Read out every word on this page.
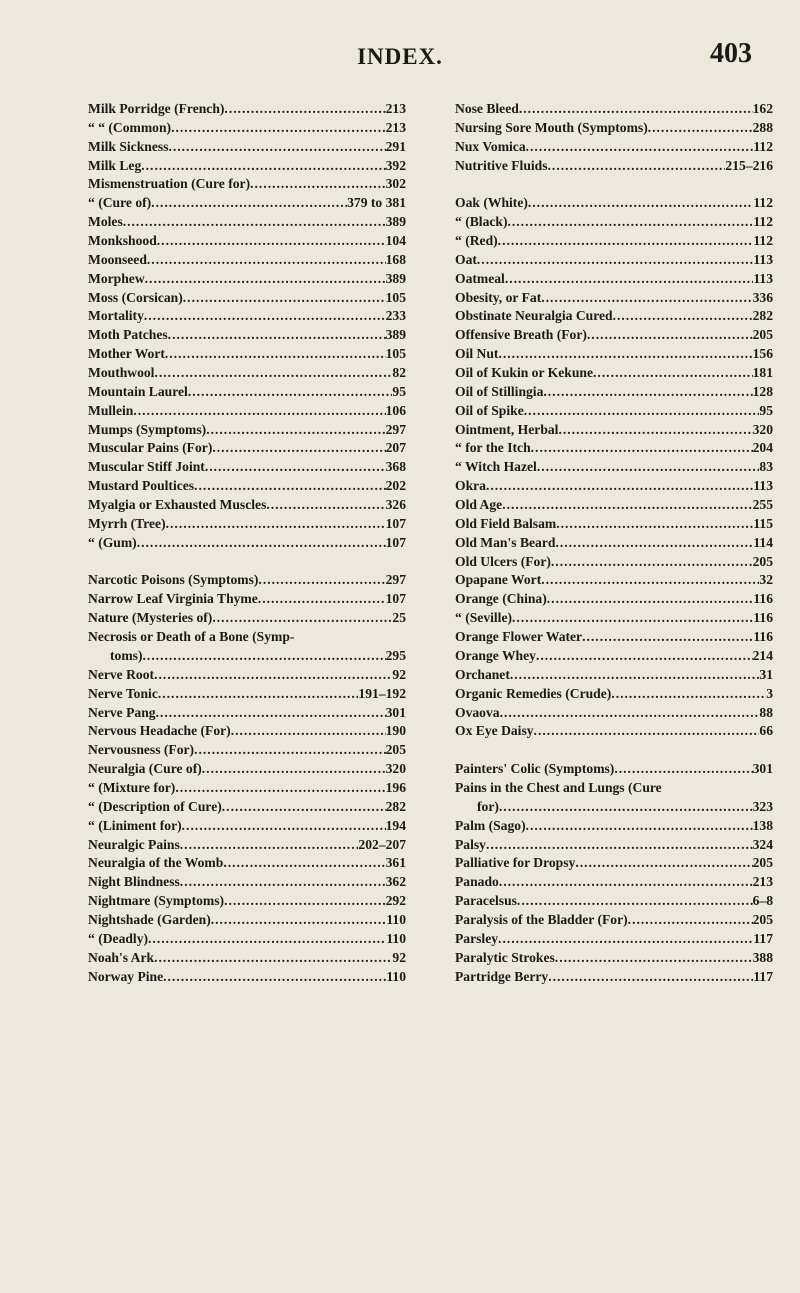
INDEX.	403
Milk Porridge (French) .....	213
“ “ (Common) .....	213
Milk Sickness .....	291
Milk Leg .....	392
Mismenstruation (Cure for) .....	302
“ (Cure of) .....	379 to 381
Moles .....	389
Monkshood .....	104
Moonseed .....	168
Morphew .....	389
Moss (Corsican) .....	105
Mortality .....	233
Moth Patches .....	389
Mother Wort .....	105
Mouthwool .....	82
Mountain Laurel .....	95
Mullein .....	106
Mumps (Symptoms) .....	297
Muscular Pains (For) .....	207
Muscular Stiff Joint .....	368
Mustard Poultices .....	202
Myalgia or Exhausted Muscles .....	326
Myrrh (Tree) .....	107
“ (Gum) .....	107
Narcotic Poisons (Symptoms) .....	297
Narrow Leaf Virginia Thyme .....	107
Nature (Mysteries of) .....	25
Necrosis or Death of a Bone (Symp-
toms) .....	295
Nerve Root .....	92
Nerve Tonic .....	191–192
Nerve Pang .....	301
Nervous Headache (For) .....	190
Nervousness (For) .....	205
Neuralgia (Cure of) .....	320
“ (Mixture for) .....	196
“ (Description of Cure) .....	282
“ (Liniment for) .....	194
Neuralgic Pains .....	202–207
Neuralgia of the Womb .....	361
Night Blindness .....	362
Nightmare (Symptoms) .....	292
Nightshade (Garden) .....	110
“ (Deadly) .....	110
Noah's Ark .....	92
Norway Pine .....	110
Nose Bleed .....	162
Nursing Sore Mouth (Symptoms) .....	288
Nux Vomica .....	112
Nutritive Fluids .....	215–216
Oak (White) .....	112
“ (Black) .....	112
“ (Red) .....	112
Oat .....	113
Oatmeal .....	113
Obesity, or Fat .....	336
Obstinate Neuralgia Cured .....	282
Offensive Breath (For) .....	205
Oil Nut .....	156
Oil of Kukin or Kekune .....	181
Oil of Stillingia .....	128
Oil of Spike .....	95
Ointment, Herbal .....	320
“ for the Itch .....	204
“ Witch Hazel .....	83
Okra .....	113
Old Age .....	255
Old Field Balsam .....	115
Old Man's Beard .....	114
Old Ulcers (For) .....	205
Opapane Wort .....	32
Orange (China) .....	116
“ (Seville) .....	116
Orange Flower Water .....	116
Orange Whey .....	214
Orchanet .....	31
Organic Remedies (Crude) .....	3
Ovaova .....	88
Ox Eye Daisy .....	66
Painters' Colic (Symptoms) .....	301
Pains in the Chest and Lungs (Cure
for) .....	323
Palm (Sago) .....	138
Palsy .....	324
Palliative for Dropsy .....	205
Panado .....	213
Paracelsus .....	6–8
Paralysis of the Bladder (For) .....	205
Parsley .....	117
Paralytic Strokes .....	388
Partridge Berry .....	117
